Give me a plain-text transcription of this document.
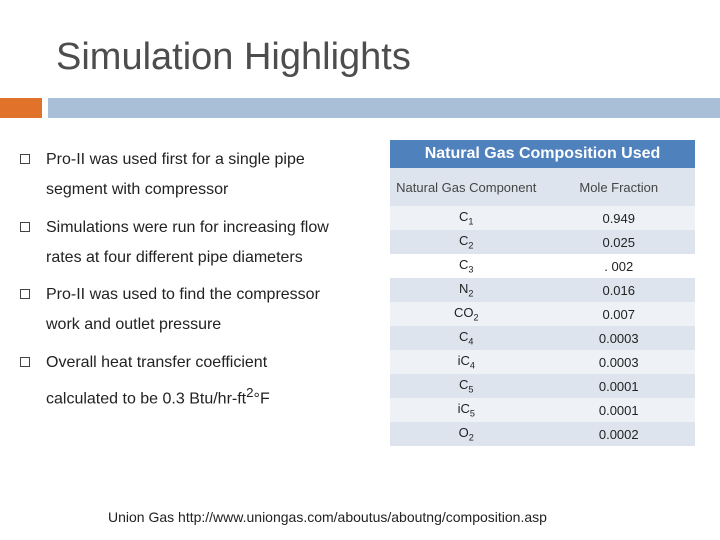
Simulation Highlights
Pro-II was used first for a single pipe
segment with compressor
Simulations were run for increasing flow
rates at four different pipe diameters
Pro-II was used to find the compressor
work and outlet pressure
Overall heat transfer coefficient
calculated to be 0.3 Btu/$hr-ft^2^\circ F$
Natural Gas Composition Used
Natural Gas Component	Mole Fraction
$C_1$	0.949
$C_2$	0.025
$C_3$	. 002
$N_2$	0.016
$CO_2$	0.007
$C_4$	0.0003
$iC_4$	0.0003
$C_5$	0.0001
$iC_5$	0.0001
$O_2$	0.0002
Union Gas http://www.uniongas.com/aboutus/aboutng/composition.asp
